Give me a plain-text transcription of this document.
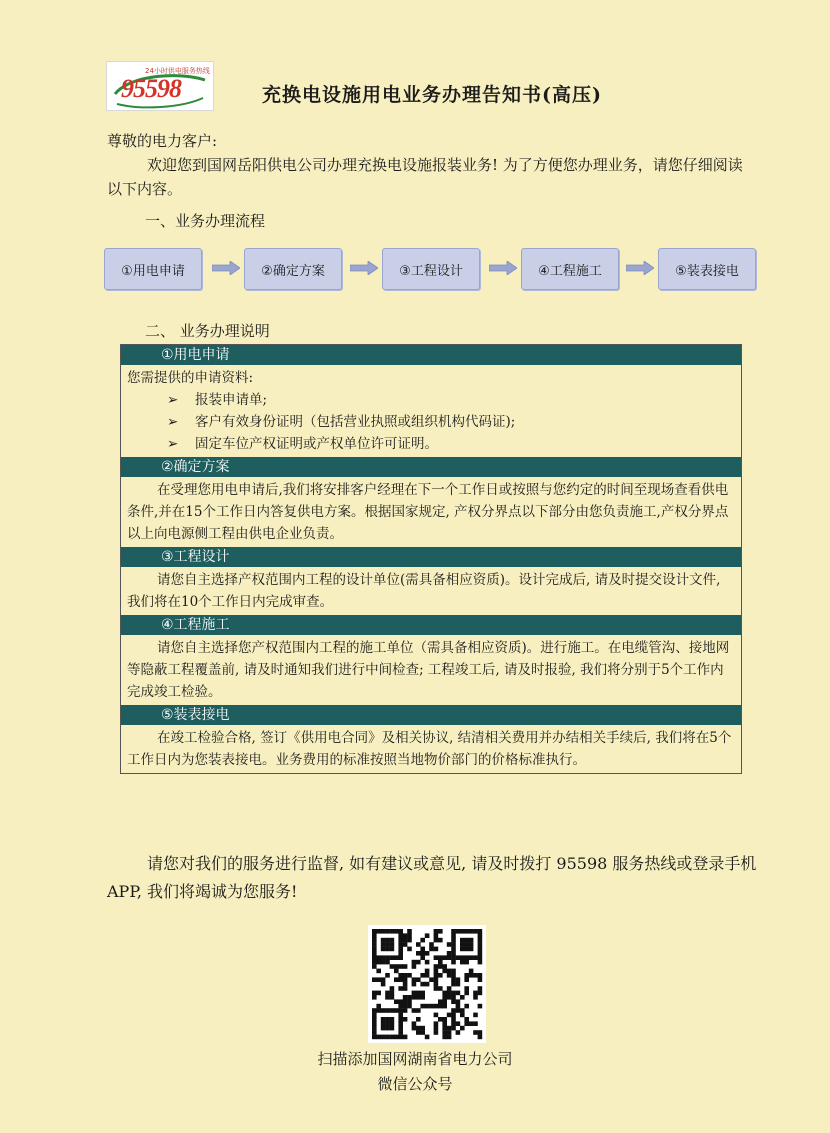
24小时供电服务热线
95598	充换电设施用电业务办理告知书(高压)
尊敬的电力客户:
欢迎您到国网岳阳供电公司办理充换电设施报装业务! 为了方便您办理业务，请您仔细阅读以下内容。
一、业务办理流程
①用电申请	②确定方案	③工程设计	④工程施工	⑤装表接电
二、 业务办理说明
①用电申请

您需提供的申请资料:

➢ 报装申请单;

➢ 客户有效身份证明（包括营业执照或组织机构代码证);

➢ 固定车位产权证明或产权单位许可证明。

②确定方案

在受理您用电申请后,我们将安排客户经理在下一个工作日或按照与您约定的时间至现场查看供电条件,并在15个工作日内答复供电方案。根据国家规定, 产权分界点以下部分由您负责施工,产权分界点以上向电源侧工程由供电企业负责。

③工程设计

请您自主选择产权范围内工程的设计单位(需具备相应资质)。设计完成后, 请及时提交设计文件, 我们将在10个工作日内完成审查。

④工程施工

请您自主选择您产权范围内工程的施工单位（需具备相应资质)。进行施工。在电缆管沟、接地网等隐蔽工程覆盖前, 请及时通知我们进行中间检查; 工程竣工后, 请及时报验, 我们将分别于5个工作内完成竣工检验。

⑤装表接电

在竣工检验合格, 签订《供用电合同》及相关协议, 结清相关费用并办结相关手续后, 我们将在5个工作日内为您装表接电。业务费用的标准按照当地物价部门的价格标准执行。

请您对我们的服务进行监督, 如有建议或意见, 请及时拨打 95598 服务热线或登录手机 APP, 我们将竭诚为您服务!
扫描添加国网湖南省电力公司
微信公众号
